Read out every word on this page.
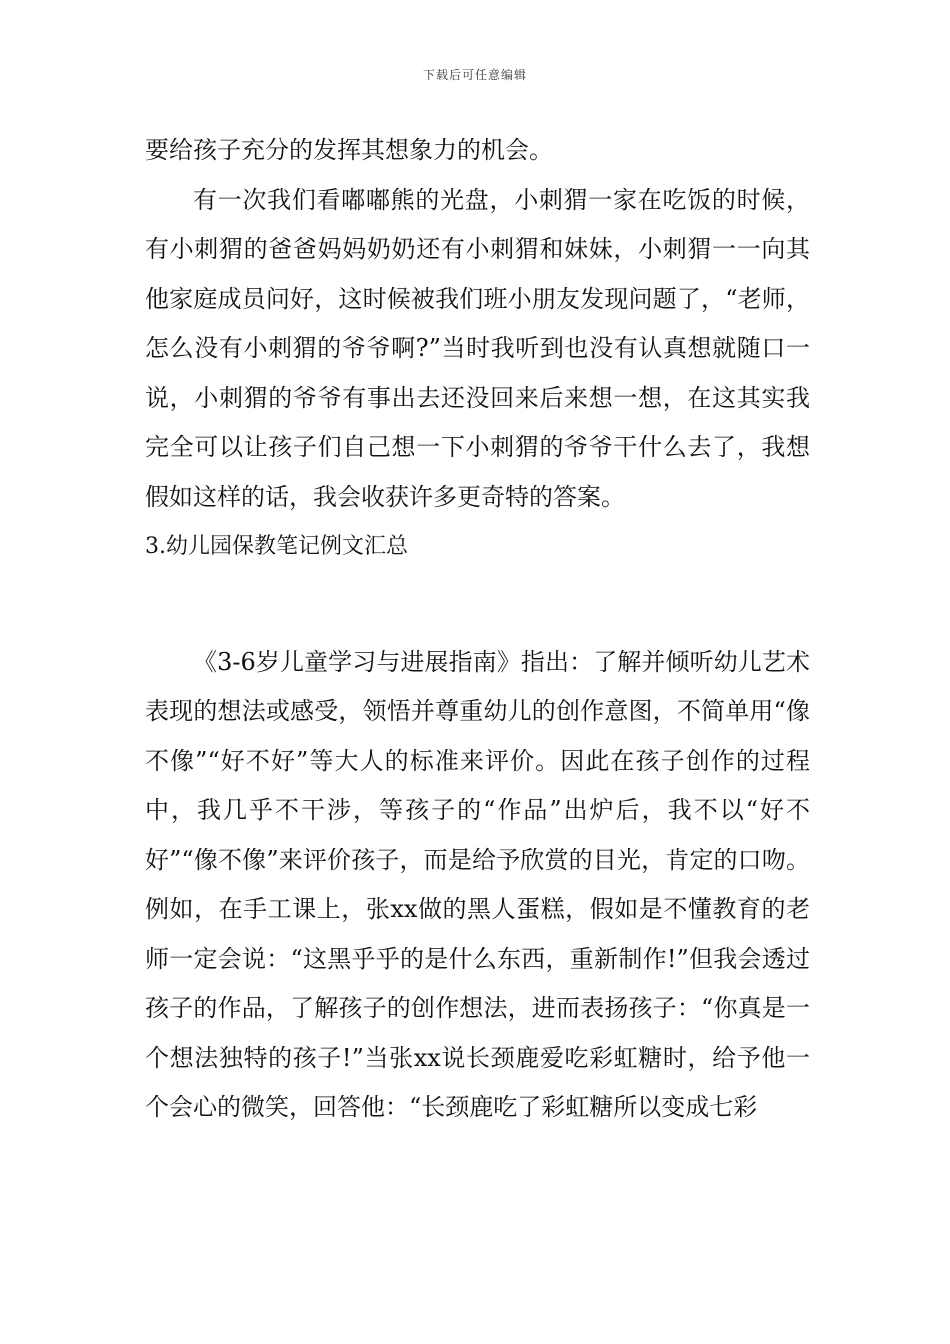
下载后可任意编辑

要给孩子充分的发挥其想象力的机会。

有一次我们看嘟嘟熊的光盘，小刺猬一家在吃饭的时候，有小刺猬的爸爸妈妈奶奶还有小刺猬和妹妹，小刺猬一一向其他家庭成员问好，这时候被我们班小朋友发现问题了，“老师，怎么没有小刺猬的爷爷啊?”当时我听到也没有认真想就随口一说，小刺猬的爷爷有事出去还没回来后来想一想，在这其实我完全可以让孩子们自己想一下小刺猬的爷爷干什么去了，我想假如这样的话，我会收获许多更奇特的答案。

3.幼儿园保教笔记例文汇总

《3-6岁儿童学习与进展指南》指出：了解并倾听幼儿艺术表现的想法或感受，领悟并尊重幼儿的创作意图，不简单用“像不像”“好不好”等大人的标准来评价。因此在孩子创作的过程中，我几乎不干涉，等孩子的“作品”出炉后，我不以“好不好”“像不像”来评价孩子，而是给予欣赏的目光，肯定的口吻。例如，在手工课上，张xx做的黑人蛋糕，假如是不懂教育的老师一定会说：“这黑乎乎的是什么东西，重新制作!”但我会透过孩子的作品，了解孩子的创作想法，进而表扬孩子：“你真是一个想法独特的孩子!”当张xx说长颈鹿爱吃彩虹糖时，给予他一个会心的微笑，回答他：“长颈鹿吃了彩虹糖所以变成七彩
